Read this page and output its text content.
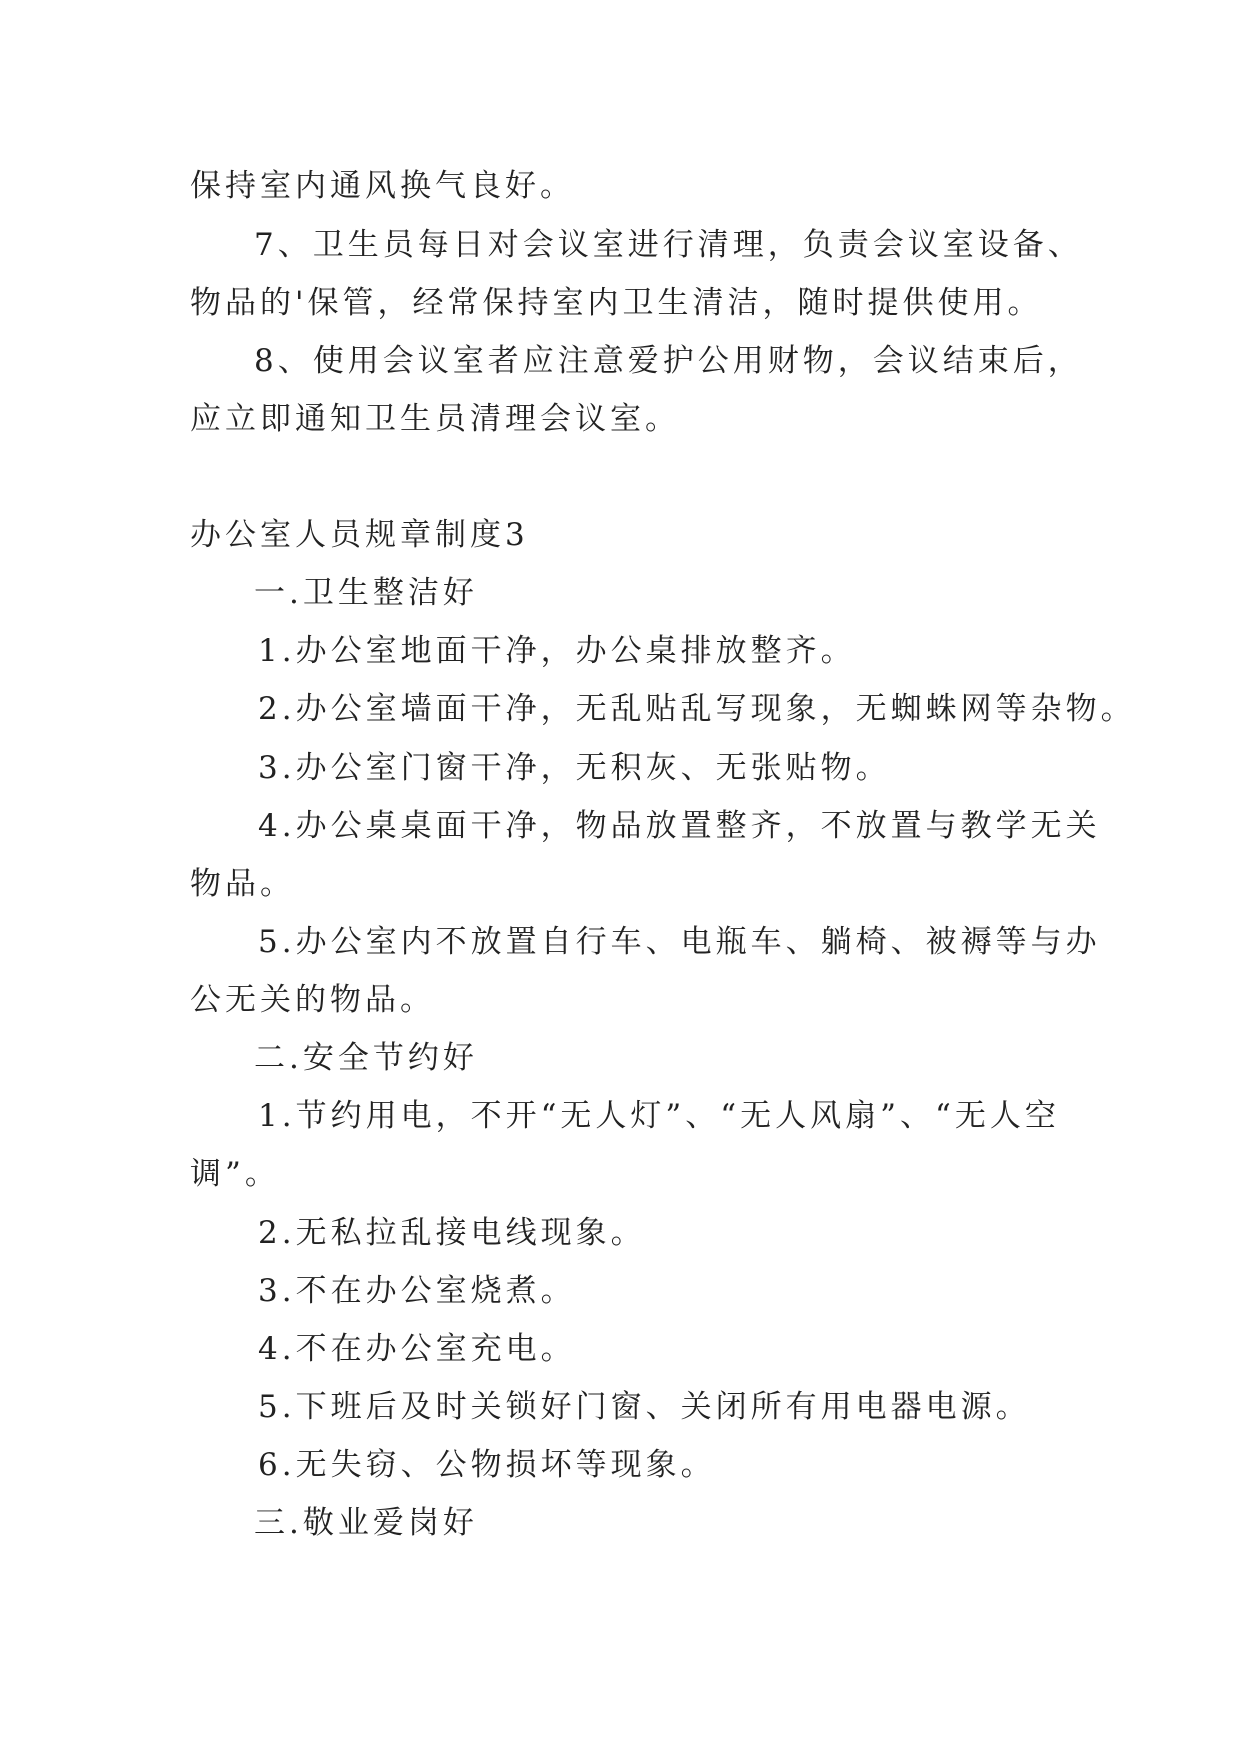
保持室内通风换气良好。
7、卫生员每日对会议室进行清理，负责会议室设备、
物品的'保管，经常保持室内卫生清洁，随时提供使用。
8、使用会议室者应注意爱护公用财物，会议结束后，
应立即通知卫生员清理会议室。
办公室人员规章制度3
一.卫生整洁好
1.办公室地面干净，办公桌排放整齐。
2.办公室墙面干净，无乱贴乱写现象，无蜘蛛网等杂物。
3.办公室门窗干净，无积灰、无张贴物。
4.办公桌桌面干净，物品放置整齐，不放置与教学无关
物品。
5.办公室内不放置自行车、电瓶车、躺椅、被褥等与办
公无关的物品。
二.安全节约好
1.节约用电，不开“无人灯”、“无人风扇”、“无人空
调”。
2.无私拉乱接电线现象。
3.不在办公室烧煮。
4.不在办公室充电。
5.下班后及时关锁好门窗、关闭所有用电器电源。
6.无失窃、公物损坏等现象。
三.敬业爱岗好
